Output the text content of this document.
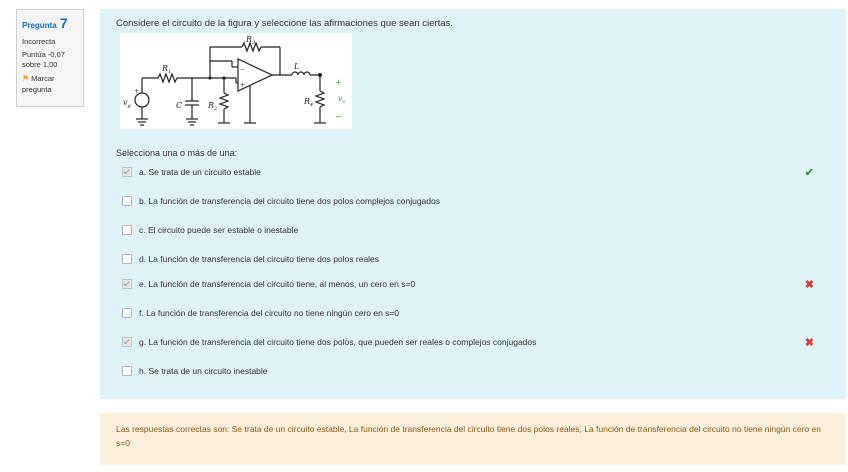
Pregunta 7
Incorrecta
Puntúa -0,07 sobre 1,00
⚑ Marcar pregunta
Considere el circuito de la figura y seleccione las afirmaciones que sean ciertas.
$R_3$
$R_1$
C	$R_2$
L
$R_4$
$v_g$
+
−
+	+
$v_o$
−
Selecciona una o más de una:
a. Se trata de un circuito estable	✔
b. La función de transferencia del circuito tiene dos polos complejos conjugados
c. El circuito puede ser estable o inestable
d. La función de transferencia del circuito tiene dos polos reales
e. La función de transferencia del circuito tiene, al menos, un cero en s=0	✖
f. La función de transferencia del circuito no tiene ningún cero en s=0
g. La función de transferencia del circuito tiene dos polos, que pueden ser reales o complejos conjugados	✖
h. Se trata de un circuito inestable
Las respuestas correctas son: Se trata de un circuito estable, La función de transferencia del circuito tiene dos polos reales, La función de transferencia del circuito no tiene ningún cero en s=0
